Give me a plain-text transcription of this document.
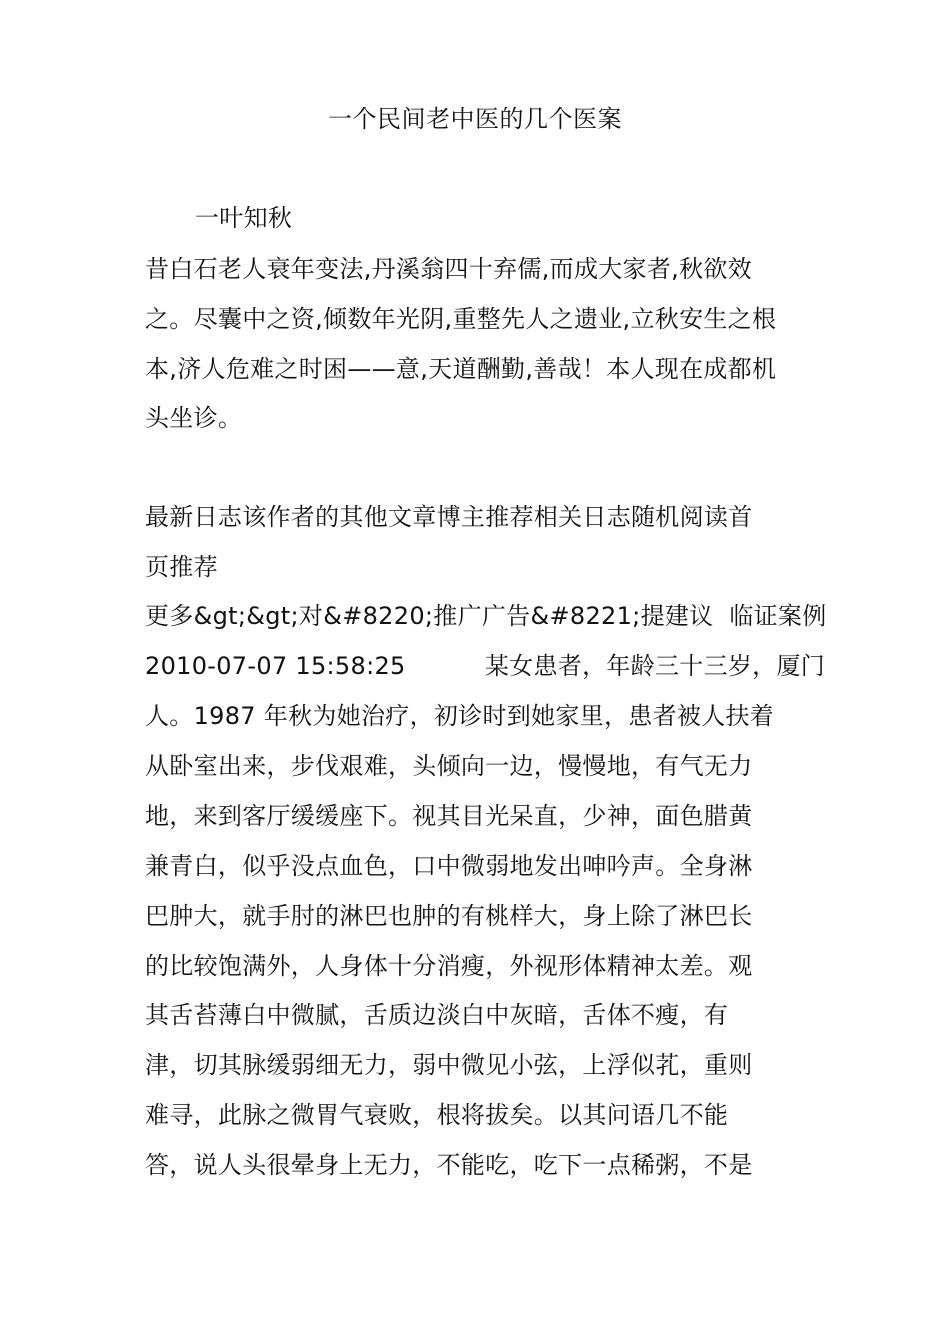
一个民间老中医的几个医案
一叶知秋
昔白石老人衰年变法,丹溪翁四十弃儒,而成大家者,秋欲效
之。尽囊中之资,倾数年光阴,重整先人之遗业,立秋安生之根
本,济人危难之时困——意,天道酬勤,善哉！本人现在成都机
头坐诊。
最新日志该作者的其他文章博主推荐相关日志随机阅读首
页推荐
更多&gt;&gt;对&#8220;推广广告&#8221;提建议  临证案例
2010-07-07 15:58:25          某女患者，年龄三十三岁，厦门
人。1987 年秋为她治疗，初诊时到她家里，患者被人扶着
从卧室出来，步伐艰难，头倾向一边，慢慢地，有气无力
地，来到客厅缓缓座下。视其目光呆直，少神，面色腊黄
兼青白，似乎没点血色，口中微弱地发出呻吟声。全身淋
巴肿大，就手肘的淋巴也肿的有桃样大，身上除了淋巴长
的比较饱满外，人身体十分消瘦，外视形体精神太差。观
其舌苔薄白中微腻，舌质边淡白中灰暗，舌体不瘦，有
津，切其脉缓弱细无力，弱中微见小弦，上浮似芤，重则
难寻，此脉之微胃气衰败，根将拔矣。以其问语几不能
答，说人头很晕身上无力，不能吃，吃下一点稀粥，不是
